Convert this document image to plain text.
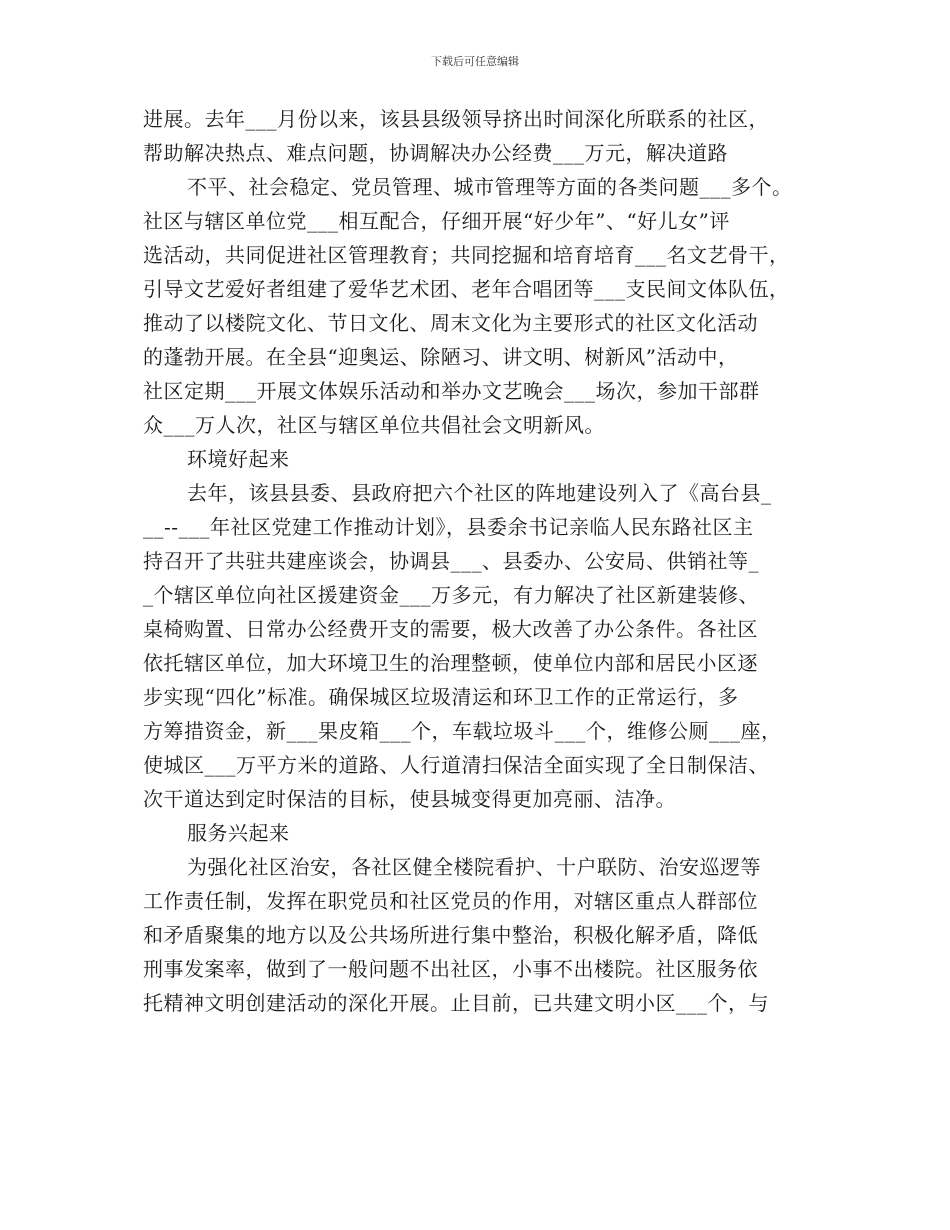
下载后可任意编辑
进展。去年___月份以来，该县县级领导挤出时间深化所联系的社区，
帮助解决热点、难点问题，协调解决办公经费___万元，解决道路
不平、社会稳定、党员管理、城市管理等方面的各类问题___多个。
社区与辖区单位党___相互配合，仔细开展“好少年”、“好儿女”评
选活动，共同促进社区管理教育；共同挖掘和培育培育___名文艺骨干，
引导文艺爱好者组建了爱华艺术团、老年合唱团等___支民间文体队伍，
推动了以楼院文化、节日文化、周末文化为主要形式的社区文化活动
的蓬勃开展。在全县“迎奥运、除陋习、讲文明、树新风”活动中，
社区定期___开展文体娱乐活动和举办文艺晚会___场次，参加干部群
众___万人次，社区与辖区单位共倡社会文明新风。
环境好起来
去年，该县县委、县政府把六个社区的阵地建设列入了《高台县_
__--___年社区党建工作推动计划》，县委余书记亲临人民东路社区主
持召开了共驻共建座谈会，协调县___、县委办、公安局、供销社等_
_个辖区单位向社区援建资金___万多元，有力解决了社区新建装修、
桌椅购置、日常办公经费开支的需要，极大改善了办公条件。各社区
依托辖区单位，加大环境卫生的治理整顿，使单位内部和居民小区逐
步实现“四化”标准。确保城区垃圾清运和环卫工作的正常运行，多
方筹措资金，新___果皮箱___个，车载垃圾斗___个，维修公厕___座，
使城区___万平方米的道路、人行道清扫保洁全面实现了全日制保洁、
次干道达到定时保洁的目标，使县城变得更加亮丽、洁净。
服务兴起来
为强化社区治安，各社区健全楼院看护、十户联防、治安巡逻等
工作责任制，发挥在职党员和社区党员的作用，对辖区重点人群部位
和矛盾聚集的地方以及公共场所进行集中整治，积极化解矛盾，降低
刑事发案率，做到了一般问题不出社区，小事不出楼院。社区服务依
托精神文明创建活动的深化开展。止目前，已共建文明小区___个，与
